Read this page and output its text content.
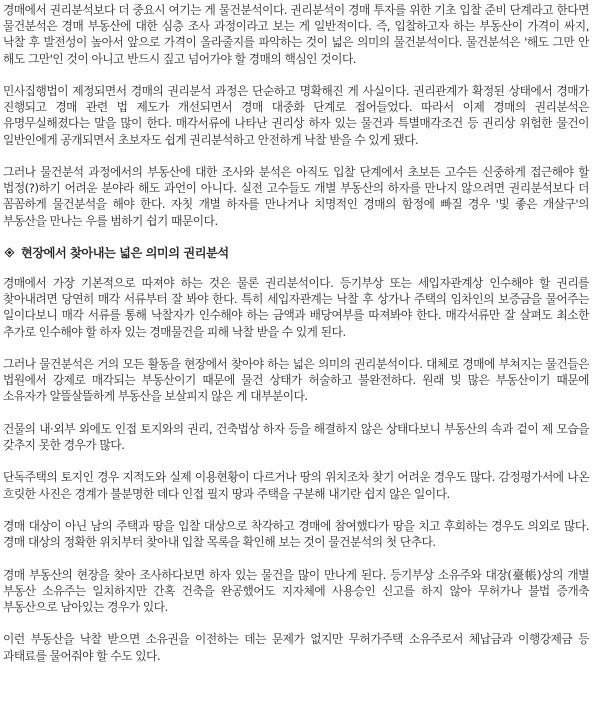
경매에서 권리분석보다 더 중요시 여기는 게 물건분석이다. 권리분석이 경매 투자를 위한 기초 입찰 준비 단계라고 한다면 물건분석은 경매 부동산에 대한 심층 조사 과정이라고 보는 게 일반적이다. 즉, 입찰하고자 하는 부동산이 가격이 싸지, 낙찰 후 발전성이 높아서 앞으로 가격이 올라줄지를 파악하는 것이 넓은 의미의 물건분석이다. 물건분석은 '해도 그만 안 해도 그만'인 것이 아니고 반드시 짚고 넘어가야 할 경매의 핵심인 것이다.

민사집행법이 제정되면서 경매의 권리분석 과정은 단순하고 명확해진 게 사실이다. 권리관계가 확정된 상태에서 경매가 진행되고 경매 관련 법 제도가 개선되면서 경매 대중화 단계로 접어들었다. 따라서 이제 경매의 권리분석은 유명무실해졌다는 말을 많이 한다. 매각서류에 나타난 권리상 하자 있는 물건과 특별매각조건 등 권리상 위험한 물건이 일반인에게 공개되면서 초보자도 쉽게 권리분석하고 안전하게 낙찰 받을 수 있게 됐다.

그러나 물건분석 과정에서의 부동산에 대한 조사와 분석은 아직도 입찰 단계에서 초보든 고수든 신중하게 접근해야 할 법정(?)하기 어려운 분야라 해도 과언이 아니다. 실전 고수들도 개별 부동산의 하자를 만나지 않으려면 권리분석보다 더 꼼꼼하게 물건분석을 해야 한다. 자칫 개별 하자를 만나거나 치명적인 경매의 함정에 빠질 경우 '빛 좋은 개살구'의 부동산을 만나는 우를 범하기 쉽기 때문이다.

현장에서 찾아내는 넓은 의미의 권리분석

경매에서 가장 기본적으로 따져야 하는 것은 물론 권리분석이다. 등기부상 또는 세입자관계상 인수해야 할 권리를 찾아내려면 당연히 매각 서류부터 잘 봐야 한다. 특히 세입자관계는 낙찰 후 상가나 주택의 임차인의 보증금을 물어주는 일이다보니 매각 서류를 통해 낙찰자가 인수해야 하는 금액과 배당여부를 따져봐야 한다. 매각서류만 잘 살펴도 최소한 추가로 인수해야 할 하자 있는 경매물건을 피해 낙찰 받을 수 있게 된다.

그러나 물건분석은 거의 모든 활동을 현장에서 찾아야 하는 넓은 의미의 권리분석이다. 대체로 경매에 부쳐지는 물건들은 법원에서 강제로 매각되는 부동산이기 때문에 물건 상태가 허술하고 불완전하다. 원래 빚 많은 부동산이기 때문에 소유자가 알뜰살뜰하게 부동산을 보살피지 않은 게 대부분이다.

건물의 내·외부 외에도 인접 토지와의 권리, 건축법상 하자 등을 해결하지 않은 상태다보니 부동산의 속과 겉이 제 모습을 갖추지 못한 경우가 많다.

단독주택의 토지인 경우 지적도와 실제 이용현황이 다르거나 땅의 위치조차 찾기 어려운 경우도 많다. 감정평가서에 나온 흐릿한 사진은 경계가 불분명한 데다 인접 필지 땅과 주택을 구분해 내기란 쉽지 않은 일이다.

경매 대상이 아닌 남의 주택과 땅을 입찰 대상으로 착각하고 경매에 참여했다가 땅을 치고 후회하는 경우도 의외로 많다. 경매 대상의 정확한 위치부터 찾아내 입찰 목록을 확인해 보는 것이 물건분석의 첫 단추다.

경매 부동산의 현장을 찾아 조사하다보면 하자 있는 물건을 많이 만나게 된다. 등기부상 소유주와 대장(臺帳)상의 개별 부동산 소유주는 일치하지만 간혹 건축을 완공했어도 지자체에 사용승인 신고를 하지 않아 무허가나 불법 증개축 부동산으로 남아있는 경우가 있다.

이런 부동산을 낙찰 받으면 소유권을 이전하는 데는 문제가 없지만 무허가주택 소유주로서 체납금과 이행강제금 등 과태료를 물어줘야 할 수도 있다.
